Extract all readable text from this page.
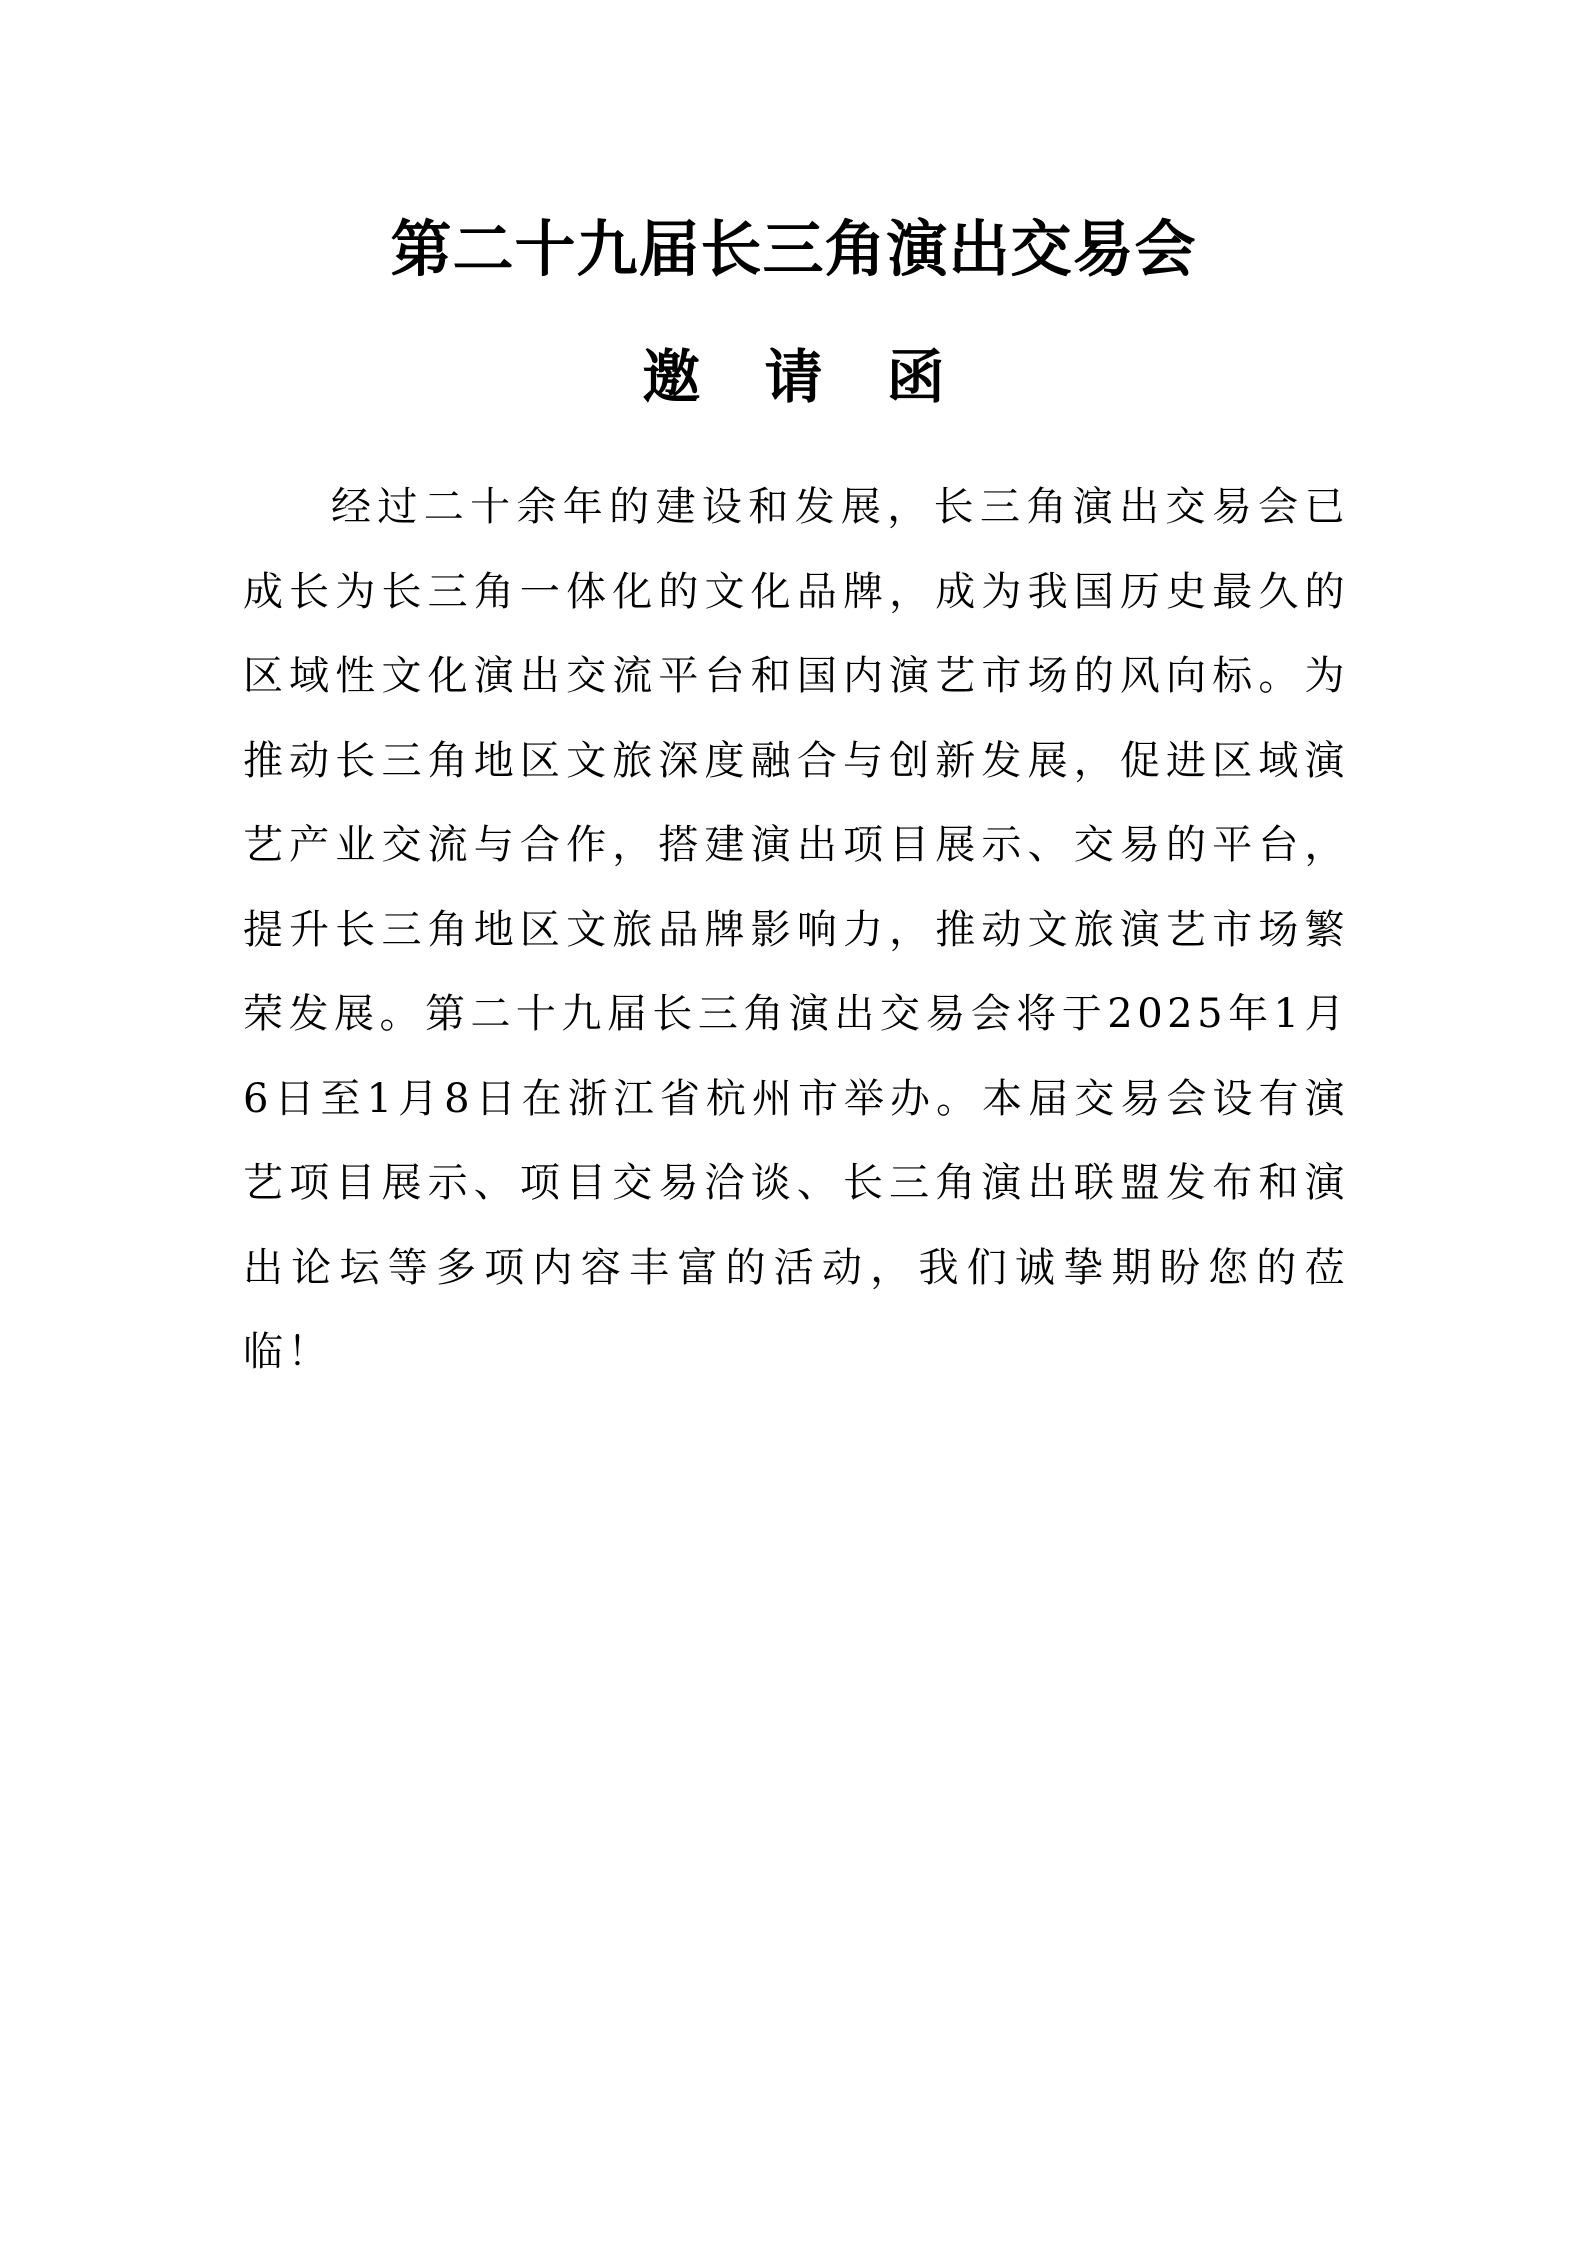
第二十九届长三角演出交易会
邀 请 函

经过二十余年的建设和发展，长三角演出交易会已成长为长三角一体化的文化品牌，成为我国历史最久的区域性文化演出交流平台和国内演艺市场的风向标。为推动长三角地区文旅深度融合与创新发展，促进区域演艺产业交流与合作，搭建演出项目展示、交易的平台，提升长三角地区文旅品牌影响力，推动文旅演艺市场繁荣发展。第二十九届长三角演出交易会将于2025年1月6日至1月8日在浙江省杭州市举办。本届交易会设有演艺项目展示、项目交易洽谈、长三角演出联盟发布和演出论坛等多项内容丰富的活动，我们诚挚期盼您的莅临！
